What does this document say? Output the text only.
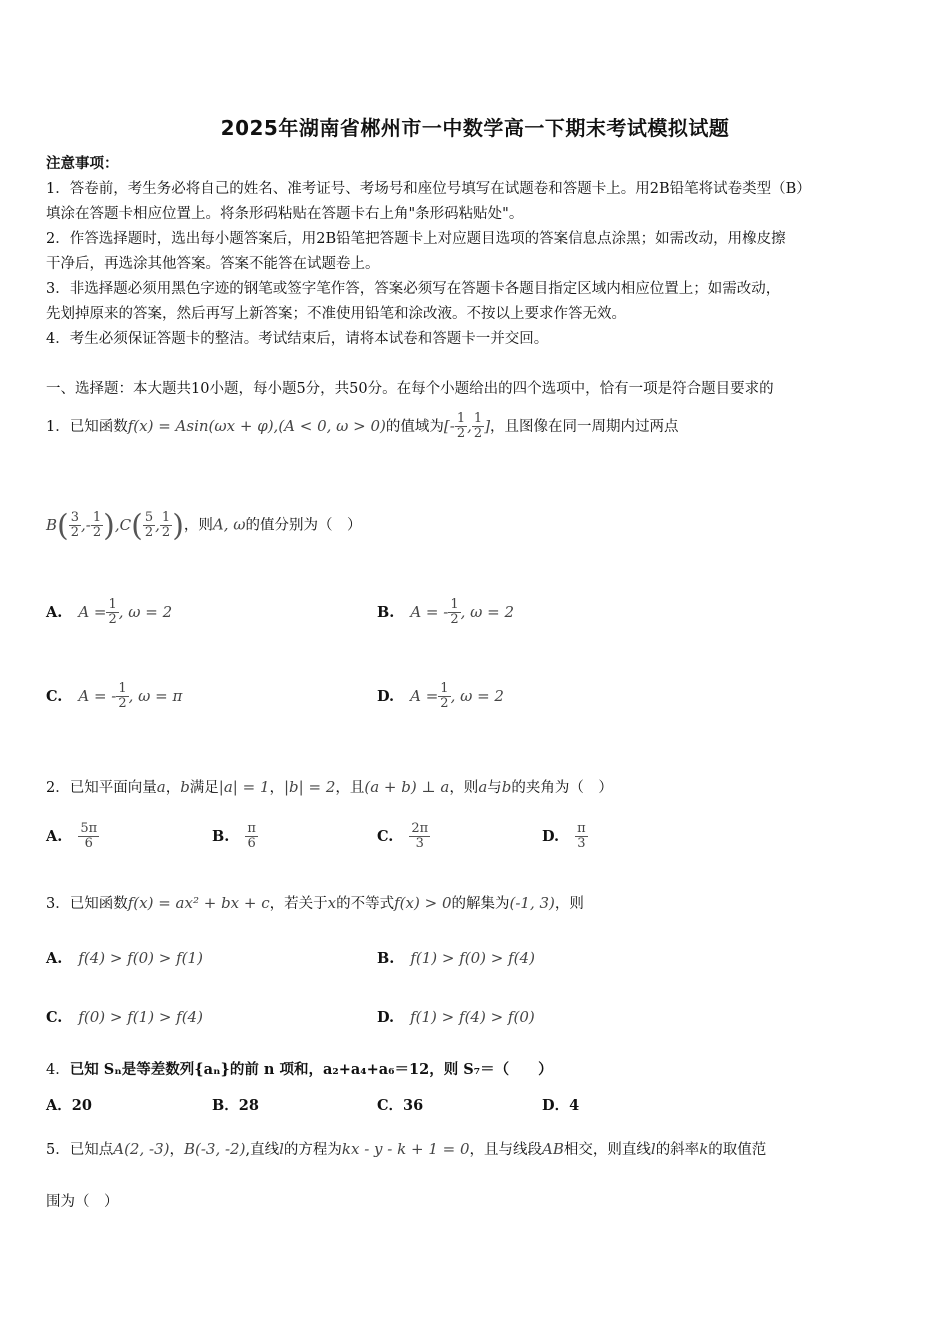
2025年湖南省郴州市一中数学高一下期末考试模拟试题
注意事项：
1．答卷前，考生务必将自己的姓名、准考证号、考场号和座位号填写在试题卷和答题卡上。用2B铅笔将试卷类型（B）
填涂在答题卡相应位置上。将条形码粘贴在答题卡右上角"条形码粘贴处"。
2．作答选择题时，选出每小题答案后，用2B铅笔把答题卡上对应题目选项的答案信息点涂黑；如需改动，用橡皮擦
干净后，再选涂其他答案。答案不能答在试题卷上。
3．非选择题必须用黑色字迹的钢笔或签字笔作答，答案必须写在答题卡各题目指定区域内相应位置上；如需改动，
先划掉原来的答案，然后再写上新答案；不准使用铅笔和涂改液。不按以上要求作答无效。
4．考生必须保证答题卡的整洁。考试结束后，请将本试卷和答题卡一并交回。
一、选择题：本大题共10小题，每小题5分，共50分。在每个小题给出的四个选项中，恰有一项是符合题目要求的
1．已知函数f(x) = Asin(ωx + φ),(A < 0, ω > 0)的值域为[- $\frac{1}{2}$ , $\frac{1}{2}$ ]，且图像在同一周期内过两点
$B( \frac{3}{2}$ ,- $\frac{1}{2} ),C( \frac{5}{2}$ , $\frac{1}{2}$ )，则A, ω的值分别为（　）
A. $A = \frac{1}{2}$ , ω = 2	B. A = - $\frac{1}{2}$ , ω = 2
C. A = - $\frac{1}{2}$ , ω = π	D. $A = \frac{1}{2}$ , ω = 2
2．已知平面向量a，b满足|a| = 1，|b| = 2，且(a + b) ⊥ a，则a与b的夹角为（　）
A. $\frac{5\pi}{6}$	B. $\frac{\pi}{6}$	C. $\frac{2\pi}{3}$	D. $\frac{\pi}{3}$
3．已知函数f(x) = ax² + bx + c，若关于x的不等式f(x) > 0的解集为(-1, 3)，则
A. f(4) > f(0) > f(1)	B. f(1) > f(0) > f(4)
C. f(0) > f(1) > f(4)	D. f(1) > f(4) > f(0)
4．已知 Sₙ是等差数列{aₙ}的前 n 项和，a₂+a₄+a₆＝12，则 S₇＝（　　）
A．20	B．28	C．36	D．4
5．已知点A(2, -3)，B(-3, -2),直线l的方程为kx - y - k + 1 = 0，且与线段AB相交，则直线l的斜率k的取值范
围为（　）
